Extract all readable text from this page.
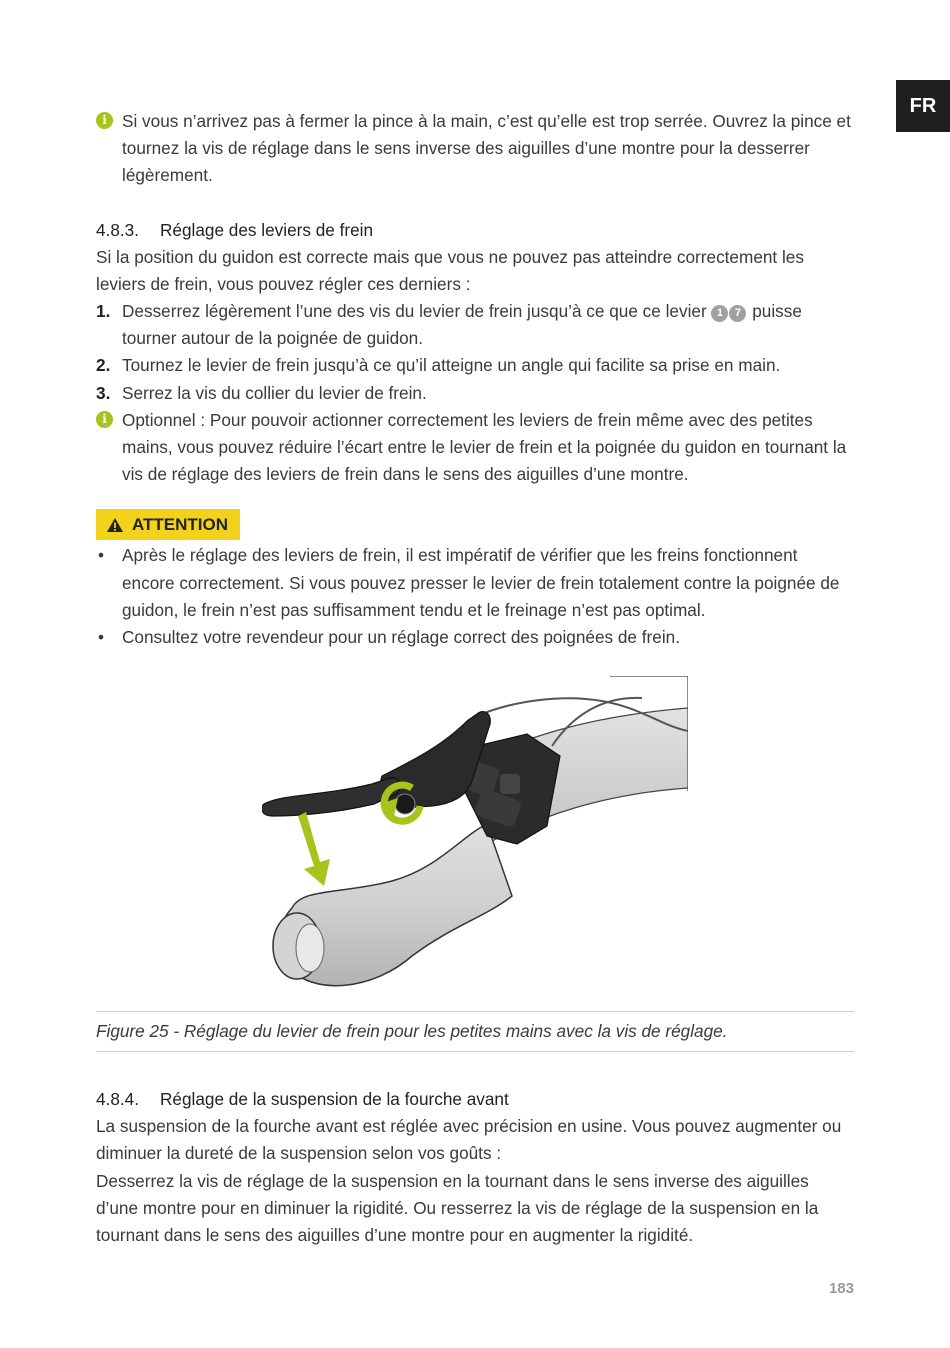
FR
i Si vous n’arrivez pas à fermer la pince à la main, c’est qu’elle est trop serrée. Ouvrez la pince et tournez la vis de réglage dans le sens inverse des aiguilles d’une montre pour la desserrer légèrement.
4.8.3. Réglage des leviers de frein
Si la position du guidon est correcte mais que vous ne pouvez pas atteindre correctement les leviers de frein, vous pouvez régler ces derniers :
1. Desserrez légèrement l’une des vis du levier de frein jusqu’à ce que ce levier 1 7 puisse tourner autour de la poignée de guidon.
2. Tournez le levier de frein jusqu’à ce qu’il atteigne un angle qui facilite sa prise en main.
3. Serrez la vis du collier du levier de frein.
i Optionnel : Pour pouvoir actionner correctement les leviers de frein même avec des petites mains, vous pouvez réduire l’écart entre le levier de frein et la poignée du guidon en tournant la vis de réglage des leviers de frein dans le sens des aiguilles d’une montre.
ATTENTION
• Après le réglage des leviers de frein, il est impératif de vérifier que les freins fonctionnent encore correctement. Si vous pouvez presser le levier de frein totalement contre la poignée de guidon, le frein n’est pas suffisamment tendu et le freinage n’est pas optimal.
• Consultez votre revendeur pour un réglage correct des poignées de frein.
Figure 25 - Réglage du levier de frein pour les petites mains avec la vis de réglage.
4.8.4. Réglage de la suspension de la fourche avant
La suspension de la fourche avant est réglée avec précision en usine. Vous pouvez augmenter ou diminuer la dureté de la suspension selon vos goûts :
Desserrez la vis de réglage de la suspension en la tournant dans le sens inverse des aiguilles d’une montre pour en diminuer la rigidité. Ou resserrez la vis de réglage de la suspension en la tournant dans le sens des aiguilles d’une montre pour en augmenter la rigidité.
183
